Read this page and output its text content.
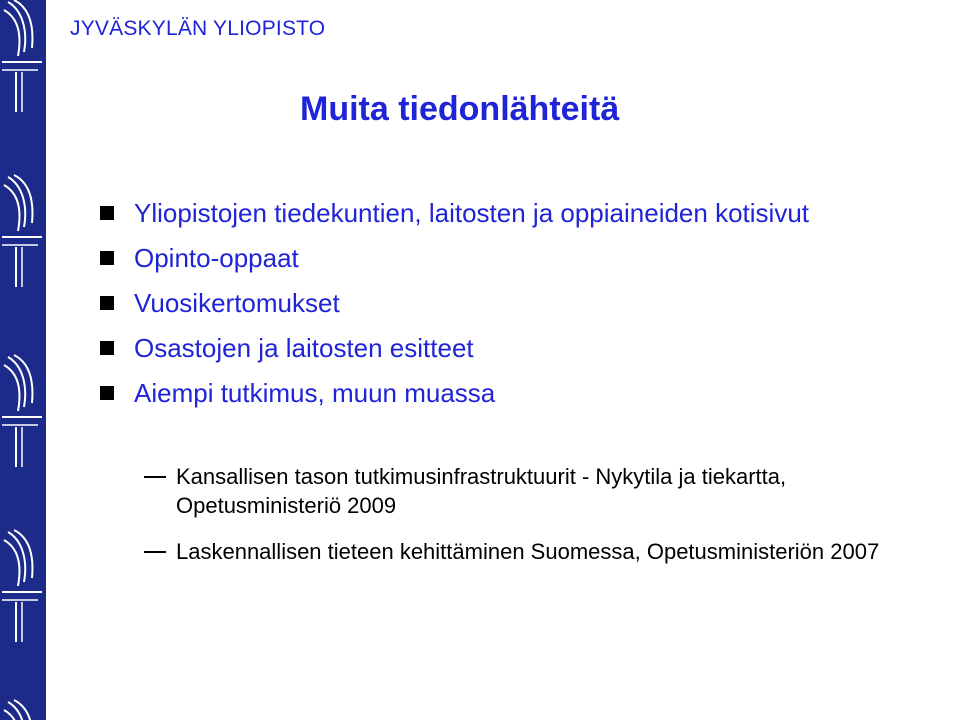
JYVÄSKYLÄN YLIOPISTO
Muita tiedonlähteitä
Yliopistojen tiedekuntien, laitosten ja oppiaineiden kotisivut
Opinto-oppaat
Vuosikertomukset
Osastojen ja laitosten esitteet
Aiempi tutkimus, muun muassa
Kansallisen tason tutkimusinfrastruktuurit - Nykytila ja tiekartta, Opetusministeriö 2009
Laskennallisen tieteen kehittäminen Suomessa, Opetusministeriön 2007
